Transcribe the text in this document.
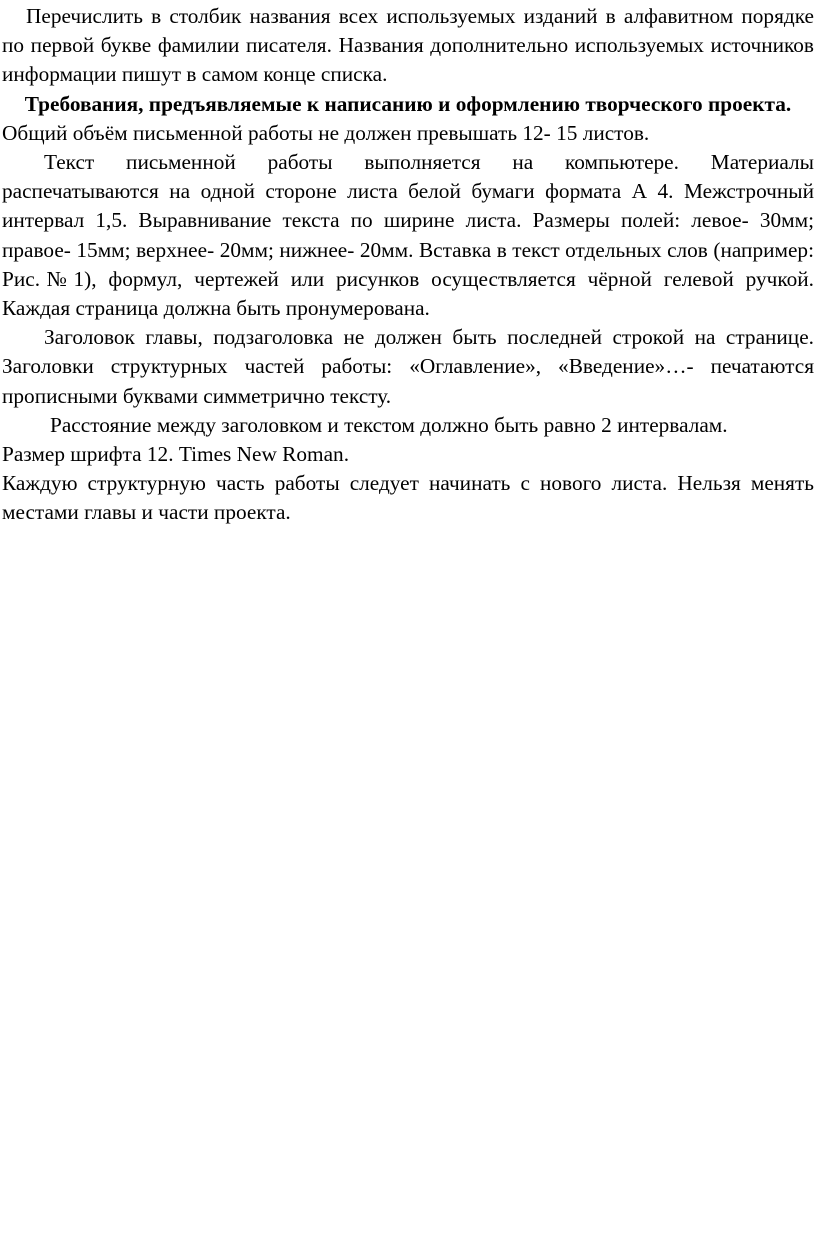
Перечислить в столбик названия всех используемых изданий в алфавитном порядке по первой букве фамилии писателя. Названия дополнительно используемых источников информации пишут в самом конце списка.

Требования, предъявляемые к написанию и оформлению творческого проекта.

Общий объём письменной работы не должен превышать 12- 15 листов.

Текст письменной работы выполняется на компьютере. Материалы распечатываются на одной стороне листа белой бумаги формата А 4. Межстрочный интервал 1,5. Выравнивание текста по ширине листа. Размеры полей: левое- 30мм; правое- 15мм; верхнее- 20мм; нижнее- 20мм. Вставка в текст отдельных слов (например: Рис.№1), формул, чертежей или рисунков осуществляется чёрной гелевой ручкой. Каждая страница должна быть пронумерована.

Заголовок главы, подзаголовка не должен быть последней строкой на странице. Заголовки структурных частей работы: «Оглавление», «Введение»…- печатаются прописными буквами симметрично тексту.

Расстояние между заголовком и текстом должно быть равно 2 интервалам.

Размер шрифта 12. Times New Roman.

Каждую структурную часть работы следует начинать с нового листа. Нельзя менять местами главы и части проекта.
